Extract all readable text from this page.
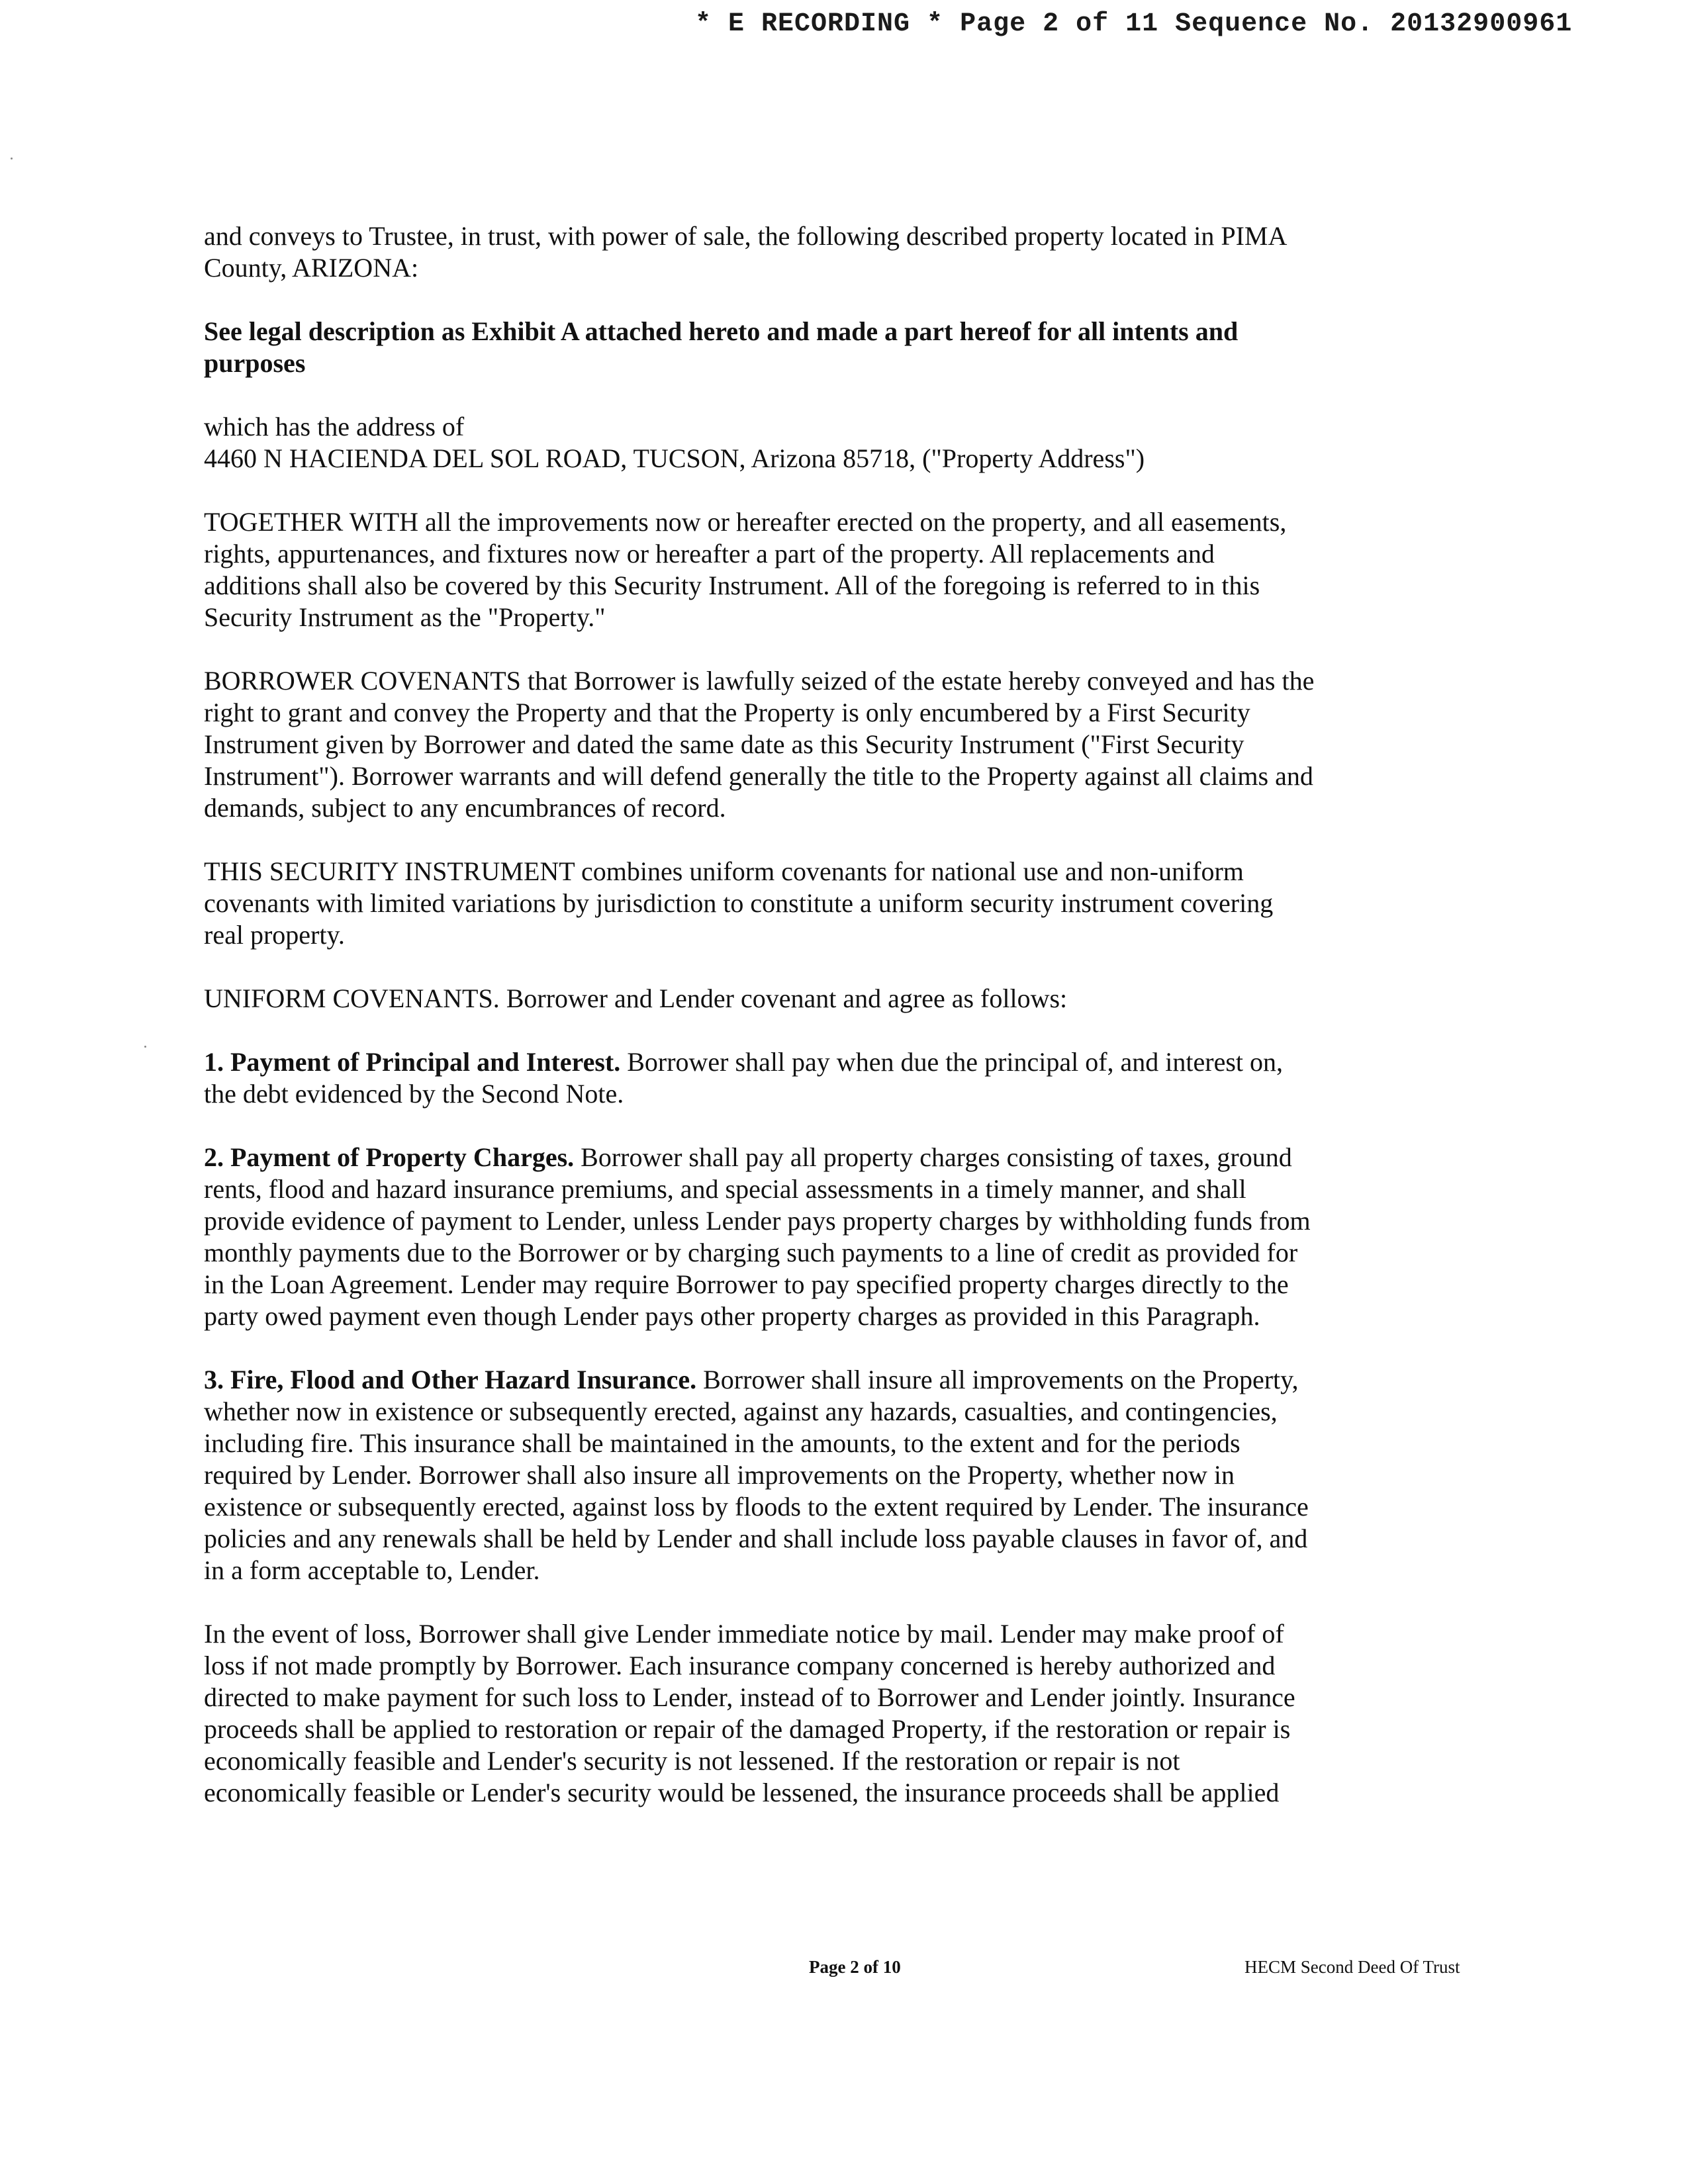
* E RECORDING * Page 2 of 11 Sequence No. 20132900961

and conveys to Trustee, in trust, with power of sale, the following described property located in PIMA
County, ARIZONA:

See legal description as Exhibit A attached hereto and made a part hereof for all intents and
purposes

which has the address of
4460 N HACIENDA DEL SOL ROAD, TUCSON, Arizona 85718, ("Property Address")

TOGETHER WITH all the improvements now or hereafter erected on the property, and all easements,
rights, appurtenances, and fixtures now or hereafter a part of the property. All replacements and
additions shall also be covered by this Security Instrument. All of the foregoing is referred to in this
Security Instrument as the "Property."

BORROWER COVENANTS that Borrower is lawfully seized of the estate hereby conveyed and has the
right to grant and convey the Property and that the Property is only encumbered by a First Security
Instrument given by Borrower and dated the same date as this Security Instrument ("First Security
Instrument"). Borrower warrants and will defend generally the title to the Property against all claims and
demands, subject to any encumbrances of record.

THIS SECURITY INSTRUMENT combines uniform covenants for national use and non-uniform
covenants with limited variations by jurisdiction to constitute a uniform security instrument covering
real property.

UNIFORM COVENANTS. Borrower and Lender covenant and agree as follows:

1. Payment of Principal and Interest. Borrower shall pay when due the principal of, and interest on,
the debt evidenced by the Second Note.

2. Payment of Property Charges. Borrower shall pay all property charges consisting of taxes, ground
rents, flood and hazard insurance premiums, and special assessments in a timely manner, and shall
provide evidence of payment to Lender, unless Lender pays property charges by withholding funds from
monthly payments due to the Borrower or by charging such payments to a line of credit as provided for
in the Loan Agreement. Lender may require Borrower to pay specified property charges directly to the
party owed payment even though Lender pays other property charges as provided in this Paragraph.

3. Fire, Flood and Other Hazard Insurance. Borrower shall insure all improvements on the Property,
whether now in existence or subsequently erected, against any hazards, casualties, and contingencies,
including fire. This insurance shall be maintained in the amounts, to the extent and for the periods
required by Lender. Borrower shall also insure all improvements on the Property, whether now in
existence or subsequently erected, against loss by floods to the extent required by Lender. The insurance
policies and any renewals shall be held by Lender and shall include loss payable clauses in favor of, and
in a form acceptable to, Lender.

In the event of loss, Borrower shall give Lender immediate notice by mail. Lender may make proof of
loss if not made promptly by Borrower. Each insurance company concerned is hereby authorized and
directed to make payment for such loss to Lender, instead of to Borrower and Lender jointly. Insurance
proceeds shall be applied to restoration or repair of the damaged Property, if the restoration or repair is
economically feasible and Lender's security is not lessened. If the restoration or repair is not
economically feasible or Lender's security would be lessened, the insurance proceeds shall be applied

Page 2 of 10	HECM Second Deed Of Trust
